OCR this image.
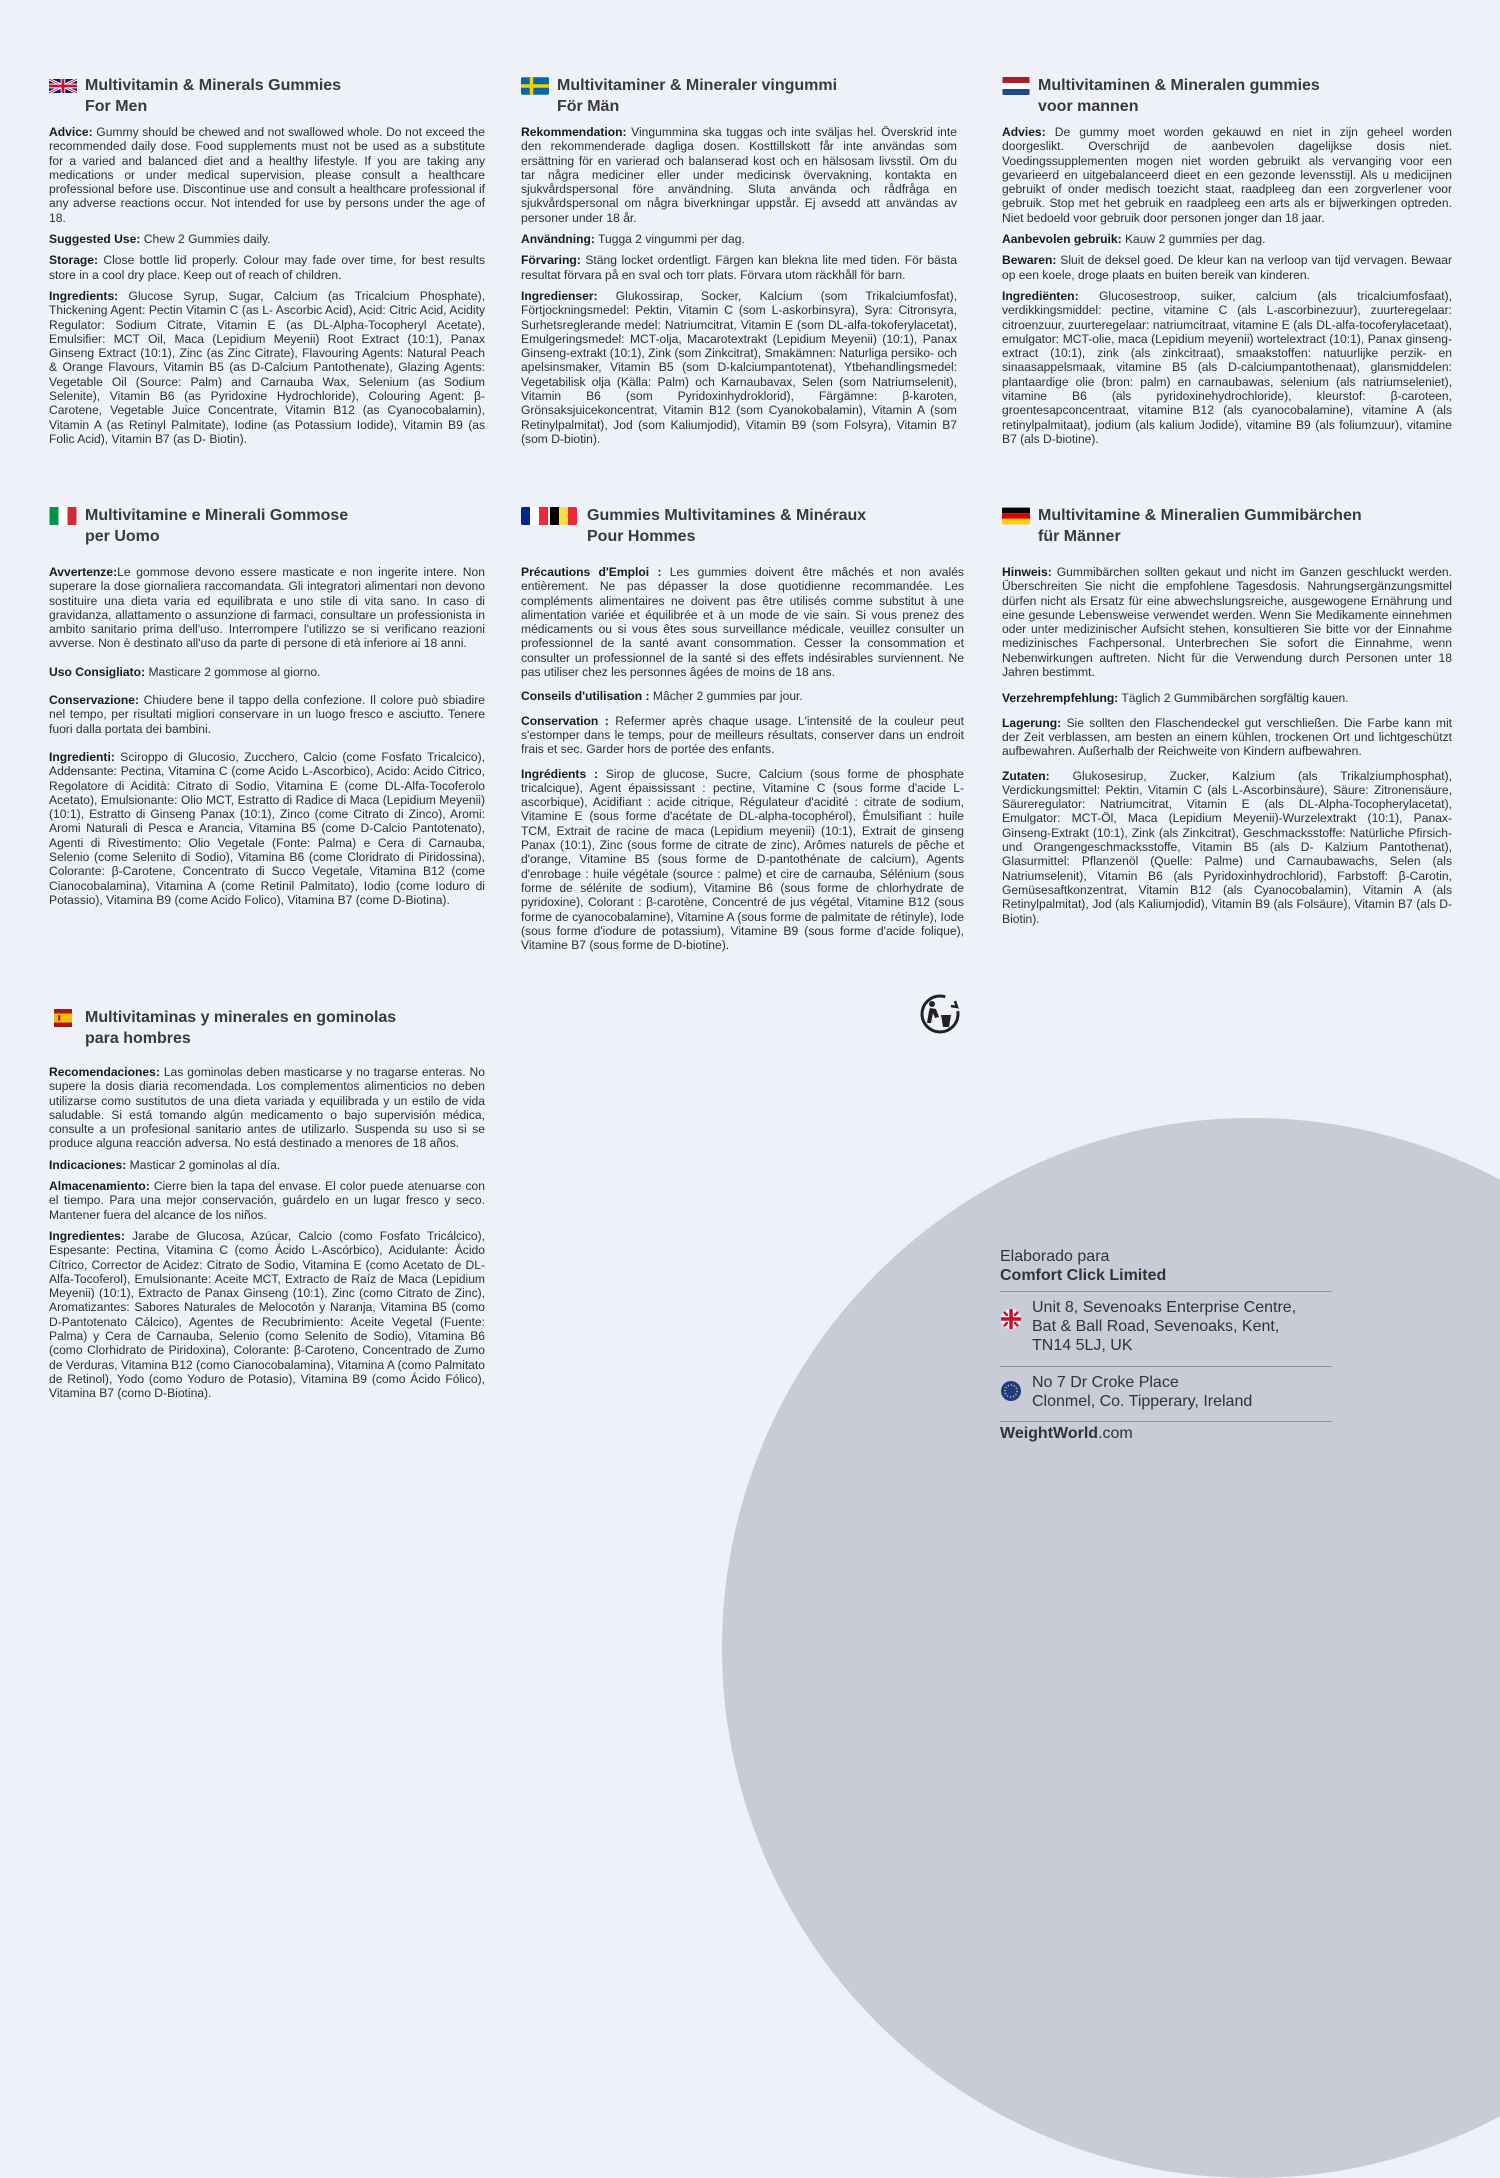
Multivitamin & Minerals Gummies
For Men

Advice: Gummy should be chewed and not swallowed whole. Do not exceed the recommended daily dose. Food supplements must not be used as a substitute for a varied and balanced diet and a healthy lifestyle. If you are taking any medications or under medical supervision, please consult a healthcare professional before use. Discontinue use and consult a healthcare professional if any adverse reactions occur. Not intended for use by persons under the age of 18.

Suggested Use: Chew 2 Gummies daily.

Storage: Close bottle lid properly. Colour may fade over time, for best results store in a cool dry place. Keep out of reach of children.

Ingredients: Glucose Syrup, Sugar, Calcium (as Tricalcium Phosphate), Thickening Agent: Pectin Vitamin C (as L- Ascorbic Acid), Acid: Citric Acid, Acidity Regulator: Sodium Citrate, Vitamin E (as DL-Alpha-Tocopheryl Acetate), Emulsifier: MCT Oil, Maca (Lepidium Meyenii) Root Extract (10:1), Panax Ginseng Extract (10:1), Zinc (as Zinc Citrate), Flavouring Agents: Natural Peach & Orange Flavours, Vitamin B5 (as D-Calcium Pantothenate), Glazing Agents: Vegetable Oil (Source: Palm) and Carnauba Wax, Selenium (as Sodium Selenite), Vitamin B6 (as Pyridoxine Hydrochloride), Colouring Agent: β-Carotene, Vegetable Juice Concentrate, Vitamin B12 (as Cyanocobalamin), Vitamin A (as Retinyl Palmitate), Iodine (as Potassium Iodide), Vitamin B9 (as Folic Acid), Vitamin B7 (as D- Biotin).

Multivitaminer & Mineraler vingummi
För Män

Rekommendation: Vingummina ska tuggas och inte sväljas hel. Överskrid inte den rekommenderade dagliga dosen. Kosttillskott får inte användas som ersättning för en varierad och balanserad kost och en hälsosam livsstil. Om du tar några mediciner eller under medicinsk övervakning, kontakta en sjukvårdspersonal före användning. Sluta använda och rådfråga en sjukvårdspersonal om några biverkningar uppstår. Ej avsedd att användas av personer under 18 år.

Användning: Tugga 2 vingummi per dag.

Förvaring: Stäng locket ordentligt. Färgen kan blekna lite med tiden. För bästa resultat förvara på en sval och torr plats. Förvara utom räckhåll för barn.

Ingredienser: Glukossirap, Socker, Kalcium (som Trikalciumfosfat), Förtjockningsmedel: Pektin, Vitamin C (som L-askorbinsyra), Syra: Citronsyra, Surhetsreglerande medel: Natriumcitrat, Vitamin E (som DL-alfa-tokoferylacetat), Emulgeringsmedel: MCT-olja, Macarotextrakt (Lepidium Meyenii) (10:1), Panax Ginseng-extrakt (10:1), Zink (som Zinkcitrat), Smakämnen: Naturliga persiko- och apelsinsmaker, Vitamin B5 (som D-kalciumpantotenat), Ytbehandlingsmedel: Vegetabilisk olja (Källa: Palm) och Karnaubavax, Selen (som Natriumselenit), Vitamin B6 (som Pyridoxinhydroklorid), Färgämne: β-karoten, Grönsaksjuicekoncentrat, Vitamin B12 (som Cyanokobalamin), Vitamin A (som Retinylpalmitat), Jod (som Kaliumjodid), Vitamin B9 (som Folsyra), Vitamin B7 (som D-biotin).

Multivitaminen & Mineralen gummies
voor mannen

Advies: De gummy moet worden gekauwd en niet in zijn geheel worden doorgeslikt. Overschrijd de aanbevolen dagelijkse dosis niet. Voedingssupplementen mogen niet worden gebruikt als vervanging voor een gevarieerd en uitgebalanceerd dieet en een gezonde levensstijl. Als u medicijnen gebruikt of onder medisch toezicht staat, raadpleeg dan een zorgverlener voor gebruik. Stop met het gebruik en raadpleeg een arts als er bijwerkingen optreden. Niet bedoeld voor gebruik door personen jonger dan 18 jaar.

Aanbevolen gebruik: Kauw 2 gummies per dag.

Bewaren: Sluit de deksel goed. De kleur kan na verloop van tijd vervagen. Bewaar op een koele, droge plaats en buiten bereik van kinderen.

Ingrediënten: Glucosestroop, suiker, calcium (als tricalciumfosfaat), verdikkingsmiddel: pectine, vitamine C (als L-ascorbinezuur), zuurteregelaar: citroenzuur, zuurteregelaar: natriumcitraat, vitamine E (als DL-alfa-tocoferylacetaat), emulgator: MCT-olie, maca (Lepidium meyenii) wortelextract (10:1), Panax ginseng-extract (10:1), zink (als zinkcitraat), smaakstoffen: natuurlijke perzik- en sinaasappelsmaak, vitamine B5 (als D-calciumpantothenaat), glansmiddelen: plantaardige olie (bron: palm) en carnaubawas, selenium (als natriumseleniet), vitamine B6 (als pyridoxinehydrochloride), kleurstof: β-caroteen, groentesapconcentraat, vitamine B12 (als cyanocobalamine), vitamine A (als retinylpalmitaat), jodium (als kalium Jodide), vitamine B9 (als foliumzuur), vitamine B7 (als D-biotine).

Multivitamine e Minerali Gommose
per Uomo

Avvertenze:Le gommose devono essere masticate e non ingerite intere. Non superare la dose giornaliera raccomandata. Gli integratori alimentari non devono sostituire una dieta varia ed equilibrata e uno stile di vita sano. In caso di gravidanza, allattamento o assunzione di farmaci, consultare un professionista in ambito sanitario prima dell'uso. Interrompere l'utilizzo se si verificano reazioni avverse. Non è destinato all'uso da parte di persone di età inferiore ai 18 anni.

Uso Consigliato: Masticare 2 gommose al giorno.

Conservazione: Chiudere bene il tappo della confezione. Il colore può sbiadire nel tempo, per risultati migliori conservare in un luogo fresco e asciutto. Tenere fuori dalla portata dei bambini.

Ingredienti: Sciroppo di Glucosio, Zucchero, Calcio (come Fosfato Tricalcico), Addensante: Pectina, Vitamina C (come Acido L-Ascorbico), Acido: Acido Citrico, Regolatore di Acidità: Citrato di Sodio, Vitamina E (come DL-Alfa-Tocoferolo Acetato), Emulsionante: Olio MCT, Estratto di Radice di Maca (Lepidium Meyenii) (10:1), Estratto di Ginseng Panax (10:1), Zinco (come Citrato di Zinco), Aromi: Aromi Naturali di Pesca e Arancia, Vitamina B5 (come D-Calcio Pantotenato), Agenti di Rivestimento: Olio Vegetale (Fonte: Palma) e Cera di Carnauba, Selenio (come Selenito di Sodio), Vitamina B6 (come Cloridrato di Piridossina), Colorante: β-Carotene, Concentrato di Succo Vegetale, Vitamina B12 (come Cianocobalamina), Vitamina A (come Retinil Palmitato), Iodio (come Ioduro di Potassio), Vitamina B9 (come Acido Folico), Vitamina B7 (come D-Biotina).

Gummies Multivitamines & Minéraux
Pour Hommes

Précautions d'Emploi : Les gummies doivent être mâchés et non avalés entièrement. Ne pas dépasser la dose quotidienne recommandée. Les compléments alimentaires ne doivent pas être utilisés comme substitut à une alimentation variée et équilibrée et à un mode de vie sain. Si vous prenez des médicaments ou si vous êtes sous surveillance médicale, veuillez consulter un professionnel de la santé avant consommation. Cesser la consommation et consulter un professionnel de la santé si des effets indésirables surviennent. Ne pas utiliser chez les personnes âgées de moins de 18 ans.

Conseils d'utilisation : Mâcher 2 gummies par jour.

Conservation : Refermer après chaque usage. L'intensité de la couleur peut s'estomper dans le temps, pour de meilleurs résultats, conserver dans un endroit frais et sec. Garder hors de portée des enfants.

Ingrédients : Sirop de glucose, Sucre, Calcium (sous forme de phosphate tricalcique), Agent épaississant : pectine, Vitamine C (sous forme d'acide L-ascorbique), Acidifiant : acide citrique, Régulateur d'acidité : citrate de sodium, Vitamine E (sous forme d'acétate de DL-alpha-tocophérol), Émulsifiant : huile TCM, Extrait de racine de maca (Lepidium meyenii) (10:1), Extrait de ginseng Panax (10:1), Zinc (sous forme de citrate de zinc), Arômes naturels de pêche et d'orange, Vitamine B5 (sous forme de D-pantothénate de calcium), Agents d'enrobage : huile végétale (source : palme) et cire de carnauba, Sélénium (sous forme de sélénite de sodium), Vitamine B6 (sous forme de chlorhydrate de pyridoxine), Colorant : β-carotène, Concentré de jus végétal, Vitamine B12 (sous forme de cyanocobalamine), Vitamine A (sous forme de palmitate de rétinyle), Iode (sous forme d'iodure de potassium), Vitamine B9 (sous forme d'acide folique), Vitamine B7 (sous forme de D-biotine).

Multivitamine & Mineralien Gummibärchen
für Männer

Hinweis: Gummibärchen sollten gekaut und nicht im Ganzen geschluckt werden. Überschreiten Sie nicht die empfohlene Tagesdosis. Nahrungsergänzungsmittel dürfen nicht als Ersatz für eine abwechslungsreiche, ausgewogene Ernährung und eine gesunde Lebensweise verwendet werden. Wenn Sie Medikamente einnehmen oder unter medizinischer Aufsicht stehen, konsultieren Sie bitte vor der Einnahme medizinisches Fachpersonal. Unterbrechen Sie sofort die Einnahme, wenn Nebenwirkungen auftreten. Nicht für die Verwendung durch Personen unter 18 Jahren bestimmt.

Verzehrempfehlung: Täglich 2 Gummibärchen sorgfältig kauen.

Lagerung: Sie sollten den Flaschendeckel gut verschließen. Die Farbe kann mit der Zeit verblassen, am besten an einem kühlen, trockenen Ort und lichtgeschützt aufbewahren. Außerhalb der Reichweite von Kindern aufbewahren.

Zutaten: Glukosesirup, Zucker, Kalzium (als Trikalziumphosphat), Verdickungsmittel: Pektin, Vitamin C (als L-Ascorbinsäure), Säure: Zitronensäure, Säureregulator: Natriumcitrat, Vitamin E (als DL-Alpha-Tocopherylacetat), Emulgator: MCT-Öl, Maca (Lepidium Meyenii)-Wurzelextrakt (10:1), Panax-Ginseng-Extrakt (10:1), Zink (als Zinkcitrat), Geschmacksstoffe: Natürliche Pfirsich- und Orangengeschmacksstoffe, Vitamin B5 (als D- Kalzium Pantothenat), Glasurmittel: Pflanzenöl (Quelle: Palme) und Carnaubawachs, Selen (als Natriumselenit), Vitamin B6 (als Pyridoxinhydrochlorid), Farbstoff: β-Carotin, Gemüsesaftkonzentrat, Vitamin B12 (als Cyanocobalamin), Vitamin A (als Retinylpalmitat), Jod (als Kaliumjodid), Vitamin B9 (als Folsäure), Vitamin B7 (als D-Biotin).

Multivitaminas y minerales en gominolas
para hombres

Recomendaciones: Las gominolas deben masticarse y no tragarse enteras. No supere la dosis diaria recomendada. Los complementos alimenticios no deben utilizarse como sustitutos de una dieta variada y equilibrada y un estilo de vida saludable. Si está tomando algún medicamento o bajo supervisión médica, consulte a un profesional sanitario antes de utilizarlo. Suspenda su uso si se produce alguna reacción adversa. No está destinado a menores de 18 años.

Indicaciones: Masticar 2 gominolas al día.

Almacenamiento: Cierre bien la tapa del envase. El color puede atenuarse con el tiempo. Para una mejor conservación, guárdelo en un lugar fresco y seco. Mantener fuera del alcance de los niños.

Ingredientes: Jarabe de Glucosa, Azúcar, Calcio (como Fosfato Tricálcico), Espesante: Pectina, Vitamina C (como Ácido L-Ascórbico), Acidulante: Ácido Cítrico, Corrector de Acidez: Citrato de Sodio, Vitamina E (como Acetato de DL-Alfa-Tocoferol), Emulsionante: Aceite MCT, Extracto de Raíz de Maca (Lepidium Meyenii) (10:1), Extracto de Panax Ginseng (10:1), Zinc (como Citrato de Zinc), Aromatizantes: Sabores Naturales de Melocotón y Naranja, Vitamina B5 (como D-Pantotenato Cálcico), Agentes de Recubrimiento: Aceite Vegetal (Fuente: Palma) y Cera de Carnauba, Selenio (como Selenito de Sodio), Vitamina B6 (como Clorhidrato de Piridoxina), Colorante: β-Caroteno, Concentrado de Zumo de Verduras, Vitamina B12 (como Cianocobalamina), Vitamina A (como Palmitato de Retinol), Yodo (como Yoduro de Potasio), Vitamina B9 (como Ácido Fólico), Vitamina B7 (como D-Biotina).

Elaborado para
Comfort Click Limited
Unit 8, Sevenoaks Enterprise Centre,
Bat & Ball Road, Sevenoaks, Kent,
TN14 5LJ, UK
No 7 Dr Croke Place
Clonmel, Co. Tipperary, Ireland
WeightWorld.com
